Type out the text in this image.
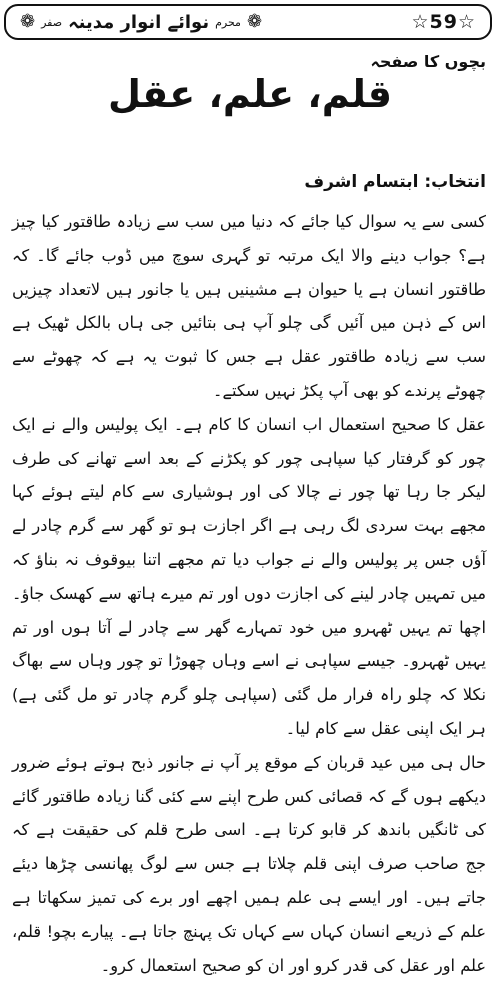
❁
محرم
نوائے انوار مدینہ
صفر
❁	☆59☆
بچوں کا صفحہ
قلم، علم، عقل
انتخاب: ابتسام اشرف

کسی سے یہ سوال کیا جائے کہ دنیا میں سب سے زیادہ طاقتور کیا چیز ہے؟ جواب دینے والا ایک مرتبہ تو گہری سوچ میں ڈوب جائے گا۔ کہ طاقتور انسان ہے یا حیوان ہے مشینیں ہیں یا جانور ہیں لاتعداد چیزیں اس کے ذہن میں آئیں گی چلو آپ ہی بتائیں جی ہاں بالکل ٹھیک ہے سب سے زیادہ طاقتور عقل ہے جس کا ثبوت یہ ہے کہ چھوٹے سے چھوٹے پرندے کو بھی آپ پکڑ نہیں سکتے۔

عقل کا صحیح استعمال اب انسان کا کام ہے۔ ایک پولیس والے نے ایک چور کو گرفتار کیا سپاہی چور کو پکڑنے کے بعد اسے تھانے کی طرف لیکر جا رہا تھا چور نے چالا کی اور ہوشیاری سے کام لیتے ہوئے کہا مجھے بہت سردی لگ رہی ہے اگر اجازت ہو تو گھر سے گرم چادر لے آؤں جس پر پولیس والے نے جواب دیا تم مجھے اتنا بیوقوف نہ بناؤ کہ میں تمہیں چادر لینے کی اجازت دوں اور تم میرے ہاتھ سے کھسک جاؤ۔ اچھا تم یہیں ٹھہرو میں خود تمہارے گھر سے چادر لے آتا ہوں اور تم یہیں ٹھہرو۔ جیسے سپاہی نے اسے وہاں چھوڑا تو چور وہاں سے بھاگ نکلا کہ چلو راہ فرار مل گئی (سپاہی چلو گرم چادر تو مل گئی ہے) ہر ایک اپنی عقل سے کام لیا۔

حال ہی میں عید قربان کے موقع پر آپ نے جانور ذبح ہوتے ہوئے ضرور دیکھے ہوں گے کہ قصائی کس طرح اپنے سے کئی گنا زیادہ طاقتور گائے کی ٹانگیں باندھ کر قابو کرتا ہے۔ اسی طرح قلم کی حقیقت ہے کہ جج صاحب صرف اپنی قلم چلاتا ہے جس سے لوگ پھانسی چڑھا دیئے جاتے ہیں۔ اور ایسے ہی علم ہمیں اچھے اور برے کی تمیز سکھاتا ہے علم کے ذریعے انسان کہاں سے کہاں تک پہنچ جاتا ہے۔ پیارے بچو! قلم، علم اور عقل کی قدر کرو اور ان کو صحیح استعمال کرو۔
